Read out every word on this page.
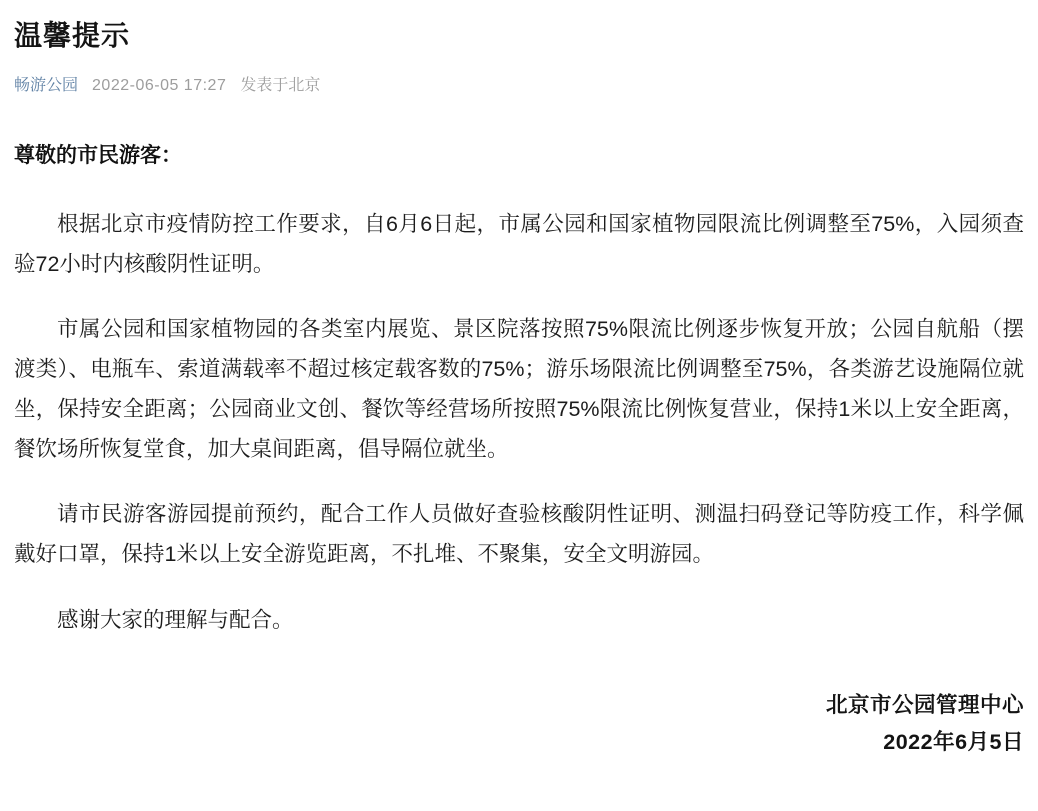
温馨提示
畅游公园 2022-06-05 17:27 发表于北京
尊敬的市民游客：

根据北京市疫情防控工作要求，自6月6日起，市属公园和国家植物园限流比例调整至75%，入园须查验72小时内核酸阴性证明。

市属公园和国家植物园的各类室内展览、景区院落按照75%限流比例逐步恢复开放；公园自航船（摆渡类）、电瓶车、索道满载率不超过核定载客数的75%；游乐场限流比例调整至75%，各类游艺设施隔位就坐，保持安全距离；公园商业文创、餐饮等经营场所按照75%限流比例恢复营业，保持1米以上安全距离，餐饮场所恢复堂食，加大桌间距离，倡导隔位就坐。

请市民游客游园提前预约，配合工作人员做好查验核酸阴性证明、测温扫码登记等防疫工作，科学佩戴好口罩，保持1米以上安全游览距离，不扎堆、不聚集，安全文明游园。

感谢大家的理解与配合。

北京市公园管理中心
2022年6月5日
